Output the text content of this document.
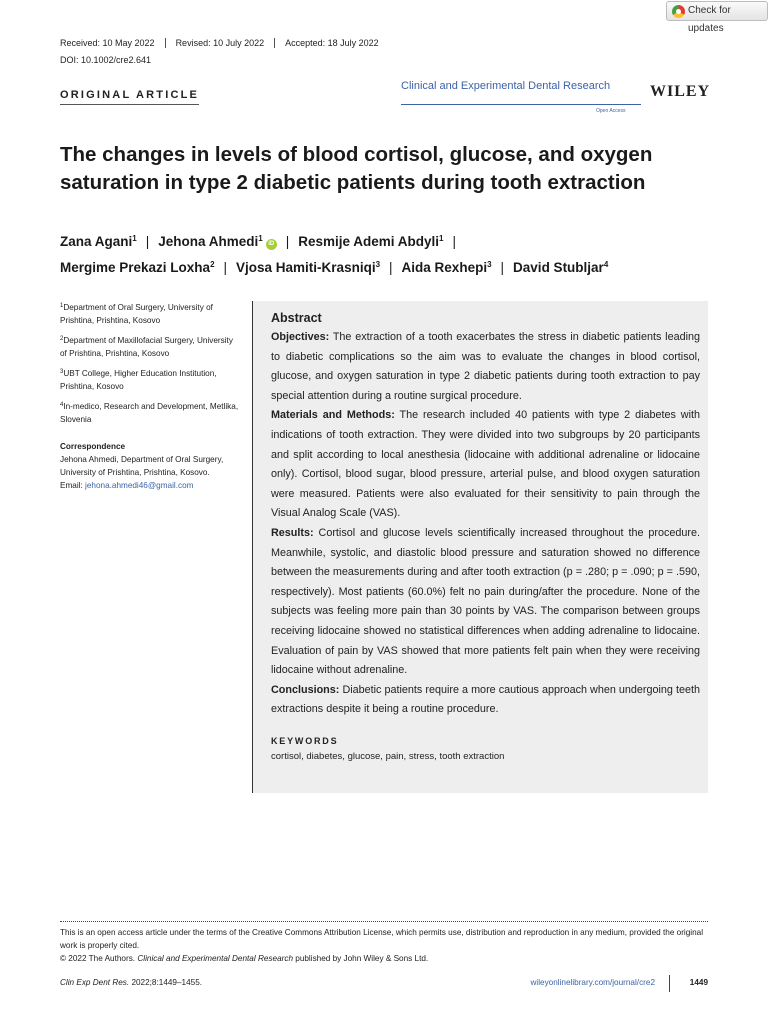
Check for updates
Received: 10 May 2022	Revised: 10 July 2022	Accepted: 18 July 2022
DOI: 10.1002/cre2.641
ORIGINAL ARTICLE
Clinical and Experimental Dental Research
Open Access
WILEY
The changes in levels of blood cortisol, glucose, and oxygen saturation in type 2 diabetic patients during tooth extraction
Zana Agani$^1$ | Jehona Ahmedi$^1$iD | Resmije Ademi Abdyli$^1$ |
Mergime Prekazi Loxha$^2$ | Vjosa Hamiti-Krasniqi$^3$ | Aida Rexhepi$^3$ | David Stubljar$^4$
$^1$Department of Oral Surgery, University of Prishtina, Prishtina, Kosovo
$^2$Department of Maxillofacial Surgery, University of Prishtina, Prishtina, Kosovo
$^3$UBT College, Higher Education Institution, Prishtina, Kosovo
$^4$In-medico, Research and Development, Metlika, Slovenia
Correspondence
Jehona Ahmedi, Department of Oral Surgery, University of Prishtina, Prishtina, Kosovo.
Email: jehona.ahmedi46@gmail.com
Abstract

Objectives: The extraction of a tooth exacerbates the stress in diabetic patients leading to diabetic complications so the aim was to evaluate the changes in blood cortisol, glucose, and oxygen saturation in type 2 diabetic patients during tooth extraction to pay special attention during a routine surgical procedure.

Materials and Methods: The research included 40 patients with type 2 diabetes with indications of tooth extraction. They were divided into two subgroups by 20 participants and split according to local anesthesia (lidocaine with additional adrenaline or lidocaine only). Cortisol, blood sugar, blood pressure, arterial pulse, and blood oxygen saturation were measured. Patients were also evaluated for their sensitivity to pain through the Visual Analog Scale (VAS).

Results: Cortisol and glucose levels scientifically increased throughout the procedure. Meanwhile, systolic, and diastolic blood pressure and saturation showed no difference between the measurements during and after tooth extraction (p = .280; p = .090; p = .590, respectively). Most patients (60.0%) felt no pain during/after the procedure. None of the subjects was feeling more pain than 30 points by VAS. The comparison between groups receiving lidocaine showed no statistical differences when adding adrenaline to lidocaine. Evaluation of pain by VAS showed that more patients felt pain when they were receiving lidocaine without adrenaline.

Conclusions: Diabetic patients require a more cautious approach when undergoing teeth extractions despite it being a routine procedure.

KEYWORDS
cortisol, diabetes, glucose, pain, stress, tooth extraction
This is an open access article under the terms of the Creative Commons Attribution License, which permits use, distribution and reproduction in any medium, provided the original work is properly cited.
© 2022 The Authors. Clinical and Experimental Dental Research published by John Wiley & Sons Ltd.
Clin Exp Dent Res. 2022;8:1449–1455.	wileyonlinelibrary.com/journal/cre2	1449
